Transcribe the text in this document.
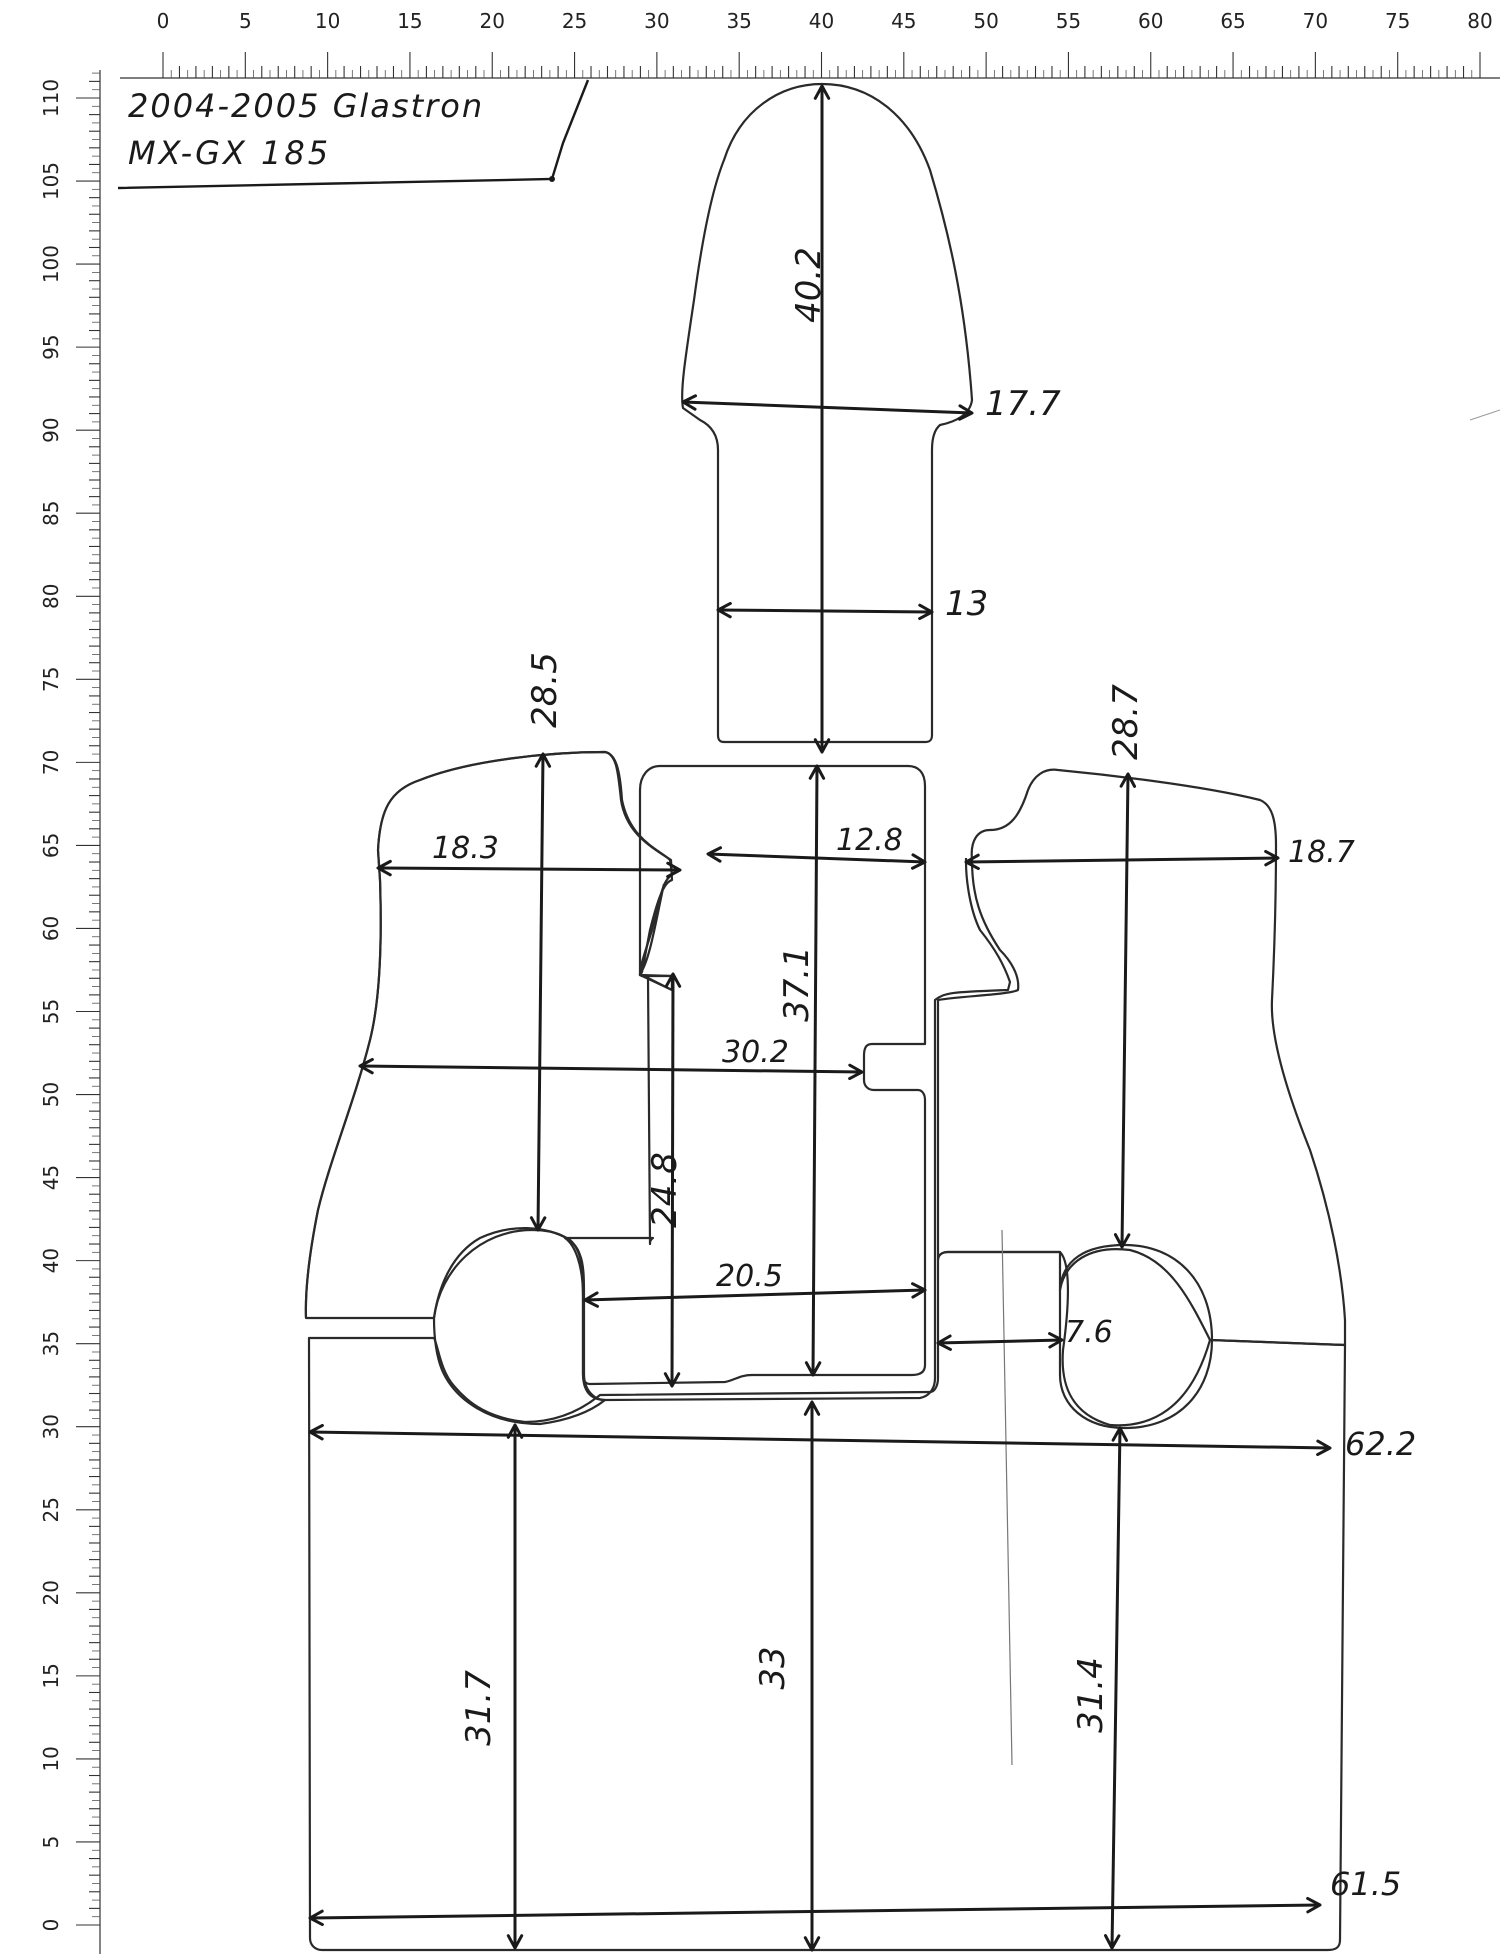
0	5	10	15	20	25	30	35	40	45	50	55	60	65	70	75	80
110
105
100
95
90
85
80
75
70
65
60
55
50
45
40
35
30
25
20
15
10
5
0
2004-2005 Glastron
MX-GX 185
40.2
17.7
13
28.5
18.3	12.8
28.7
18.7
37.1
30.2
24.8
20.5
7.6
62.2
31.7
33	31.4
61.5
